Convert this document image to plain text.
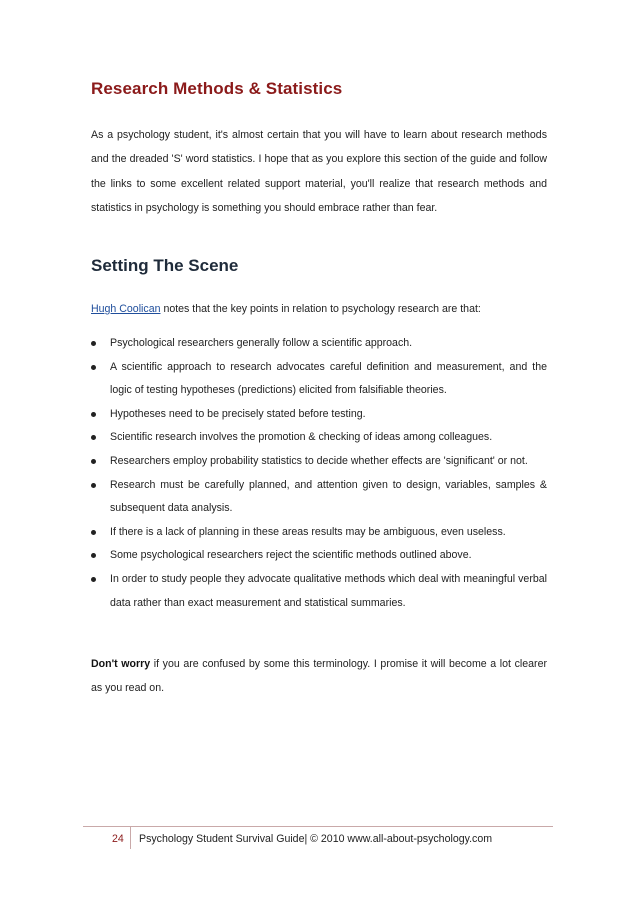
Research Methods & Statistics

As a psychology student, it's almost certain that you will have to learn about research methods and the dreaded 'S' word statistics. I hope that as you explore this section of the guide and follow the links to some excellent related support material, you'll realize that research methods and statistics in psychology is something you should embrace rather than fear.

Setting The Scene

Hugh Coolican notes that the key points in relation to psychology research are that:

Psychological researchers generally follow a scientific approach.
A scientific approach to research advocates careful definition and measurement, and the logic of testing hypotheses (predictions) elicited from falsifiable theories.
Hypotheses need to be precisely stated before testing.
Scientific research involves the promotion & checking of ideas among colleagues.
Researchers employ probability statistics to decide whether effects are 'significant' or not.
Research must be carefully planned, and attention given to design, variables, samples & subsequent data analysis.
If there is a lack of planning in these areas results may be ambiguous, even useless.
Some psychological researchers reject the scientific methods outlined above.
In order to study people they advocate qualitative methods which deal with meaningful verbal data rather than exact measurement and statistical summaries.

Don't worry if you are confused by some this terminology. I promise it will become a lot clearer as you read on.

24 Psychology Student Survival Guide| © 2010 www.all-about-psychology.com
